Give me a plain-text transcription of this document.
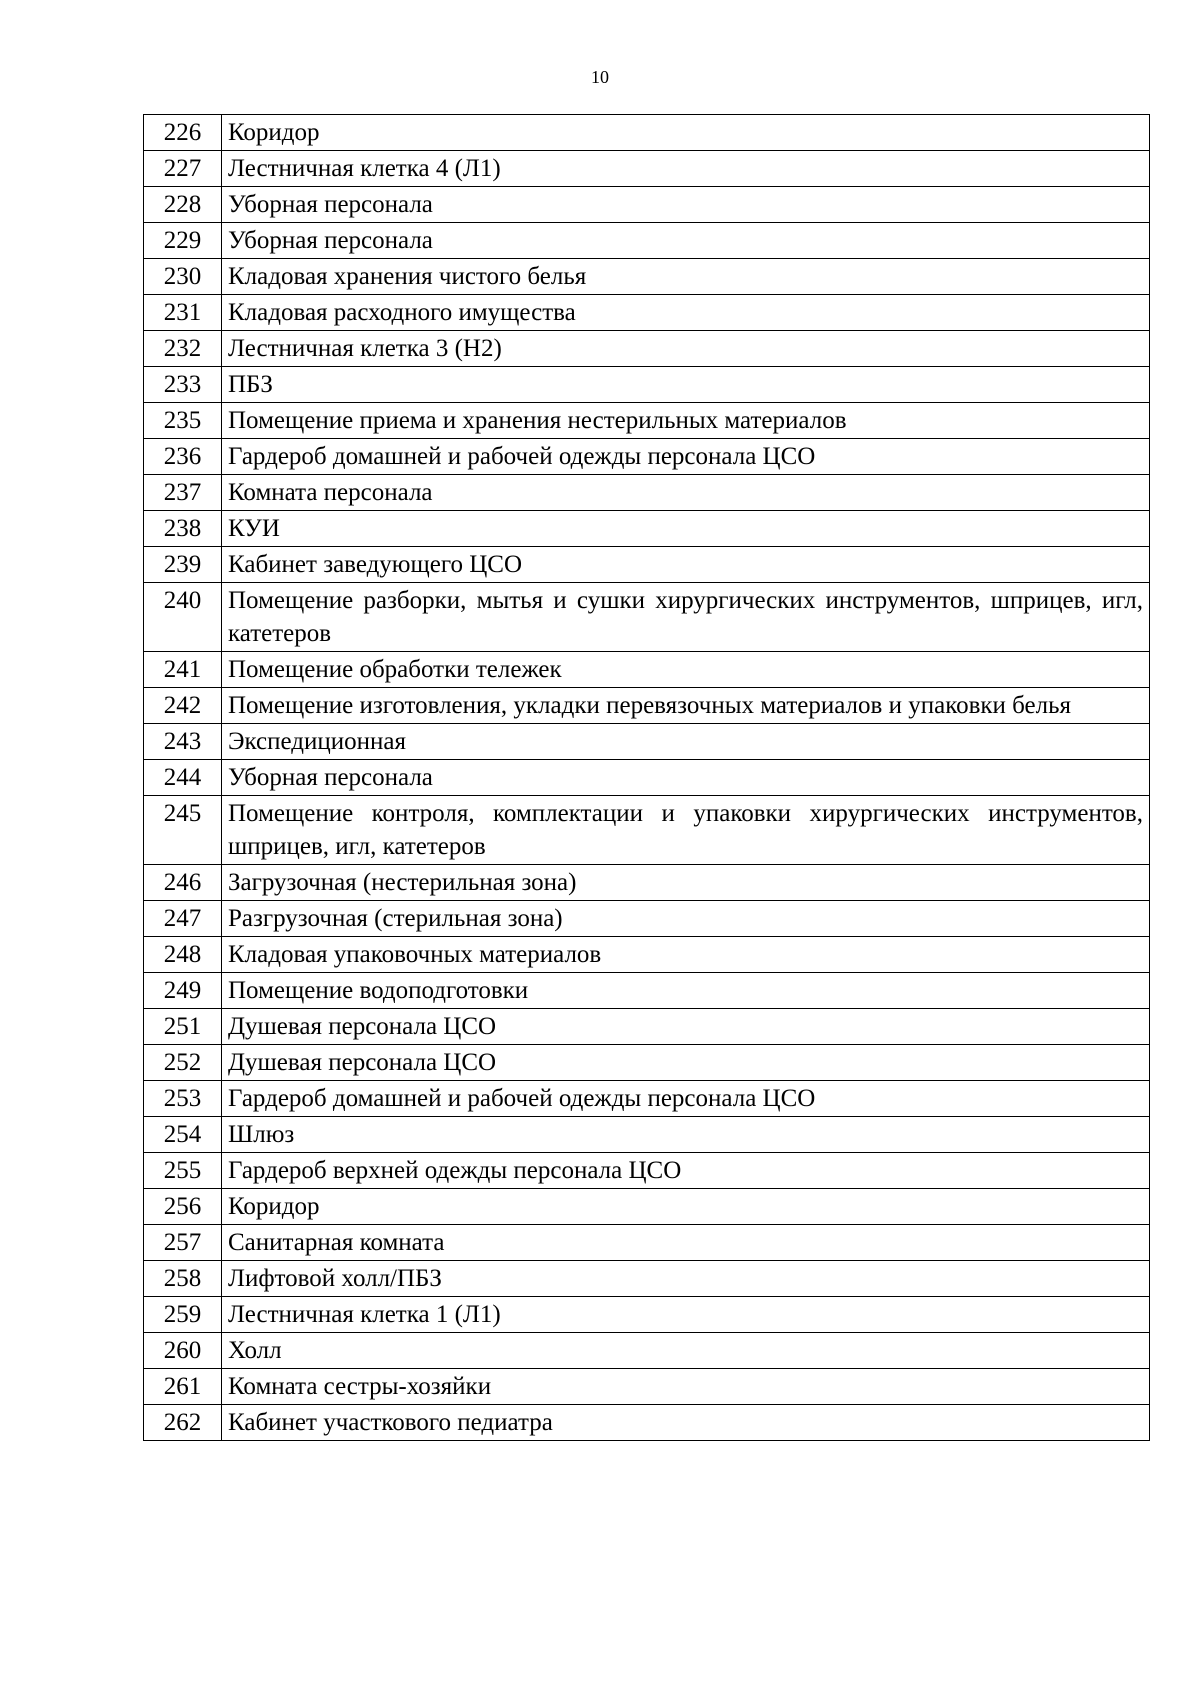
10
226	Коридор
227	Лестничная клетка 4 (Л1)
228	Уборная персонала
229	Уборная персонала
230	Кладовая хранения чистого белья
231	Кладовая расходного имущества
232	Лестничная клетка 3 (Н2)
233	ПБЗ
235	Помещение приема и хранения нестерильных материалов
236	Гардероб домашней и рабочей одежды персонала ЦСО
237	Комната персонала
238	КУИ
239	Кабинет заведующего ЦСО
240	Помещение разборки, мытья и сушки хирургических инструментов, шприцев, игл, катетеров
241	Помещение обработки тележек
242	Помещение изготовления, укладки перевязочных материалов и упаковки белья
243	Экспедиционная
244	Уборная персонала
245	Помещение контроля, комплектации и упаковки хирургических инструментов, шприцев, игл, катетеров
246	Загрузочная (нестерильная зона)
247	Разгрузочная (стерильная зона)
248	Кладовая упаковочных материалов
249	Помещение водоподготовки
251	Душевая персонала ЦСО
252	Душевая персонала ЦСО
253	Гардероб домашней и рабочей одежды персонала ЦСО
254	Шлюз
255	Гардероб верхней одежды персонала ЦСО
256	Коридор
257	Санитарная комната
258	Лифтовой холл/ПБЗ
259	Лестничная клетка 1 (Л1)
260	Холл
261	Комната сестры-хозяйки
262	Кабинет участкового педиатра
